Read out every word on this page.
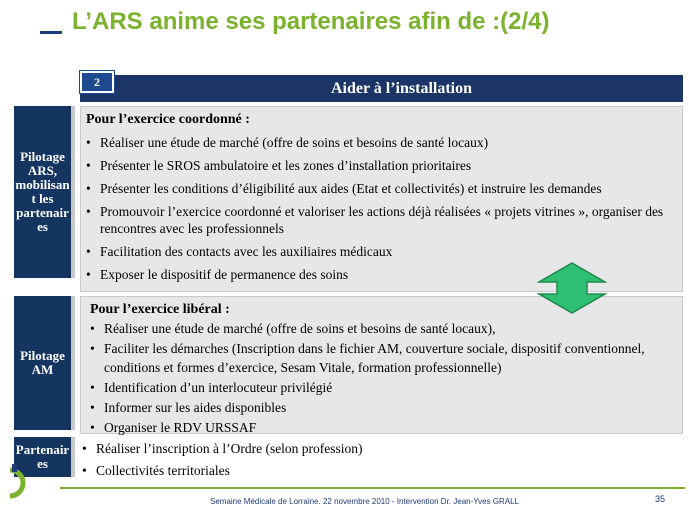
L’ARS anime ses partenaires afin de :(2/4)
Aider à l’installation
2
Pilotage ARS, mobilisan t les partenair es
Pour l’exercice coordonné :
• Réaliser une étude de marché (offre de soins et besoins de santé locaux)
• Présenter le SROS ambulatoire et les zones d’installation prioritaires
• Présenter les conditions d’éligibilité aux aides (Etat et collectivités) et instruire les demandes
• Promouvoir l’exercice coordonné et valoriser les actions déjà réalisées « projets vitrines », organiser des rencontres avec les professionnels
• Facilitation des contacts avec les auxiliaires médicaux
• Exposer le dispositif de permanence des soins
Pilotage AM
Pour l’exercice libéral :
• Réaliser une étude de marché (offre de soins et besoins de santé locaux),
• Faciliter les démarches (Inscription dans le fichier AM, couverture sociale, dispositif conventionnel, conditions et formes d’exercice, Sesam Vitale, formation professionnelle)
• Identification d’un interlocuteur privilégié
• Informer sur les aides disponibles
• Organiser le RDV URSSAF
Partenair es
• Réaliser l’inscription à l’Ordre (selon profession)
• Collectivités territoriales
Semaine Médicale de Lorraine. 22 novembre 2010 - Intervention Dr. Jean-Yves GRALL	35
